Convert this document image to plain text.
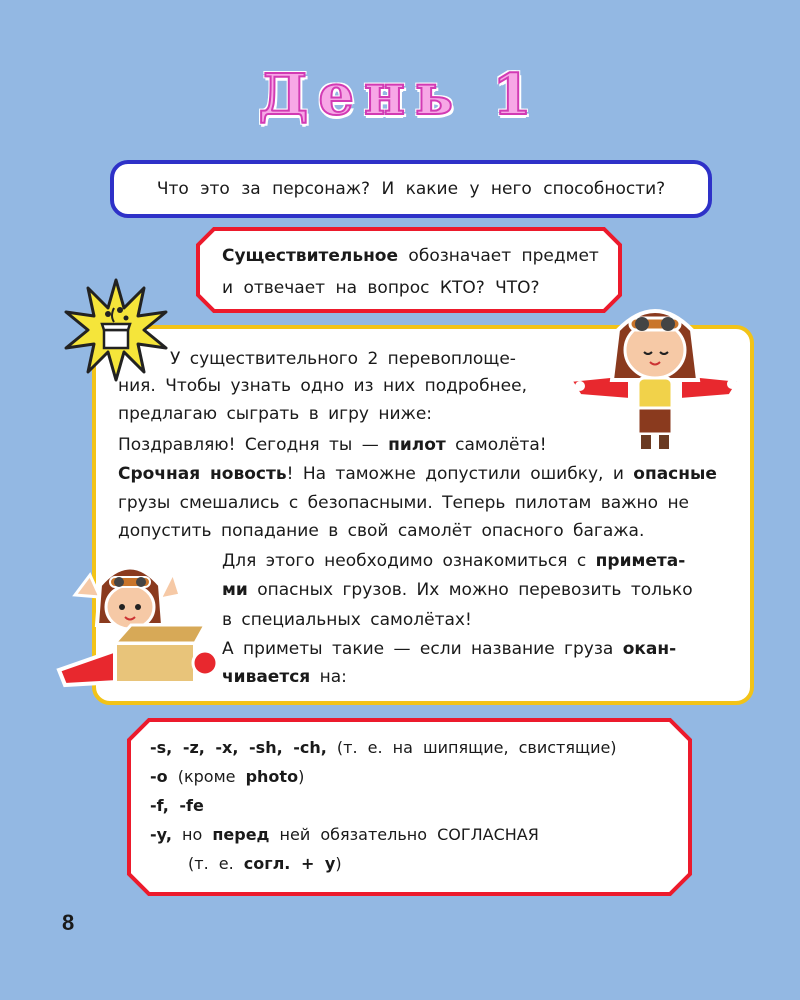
День 1
Что это за персонаж? И какие у него способности?
Существительное обозначает предмет
и отвечает на вопрос КТО? ЧТО?
У существительного 2 перевоплоще-
ния. Чтобы узнать одно из них подробнее,
предлагаю сыграть в игру ниже:
Поздравляю! Сегодня ты — пилот самолёта!
Срочная новость! На таможне допустили ошибку, и опасные
грузы смешались с безопасными. Теперь пилотам важно не
допустить попадание в свой самолёт опасного багажа.
Для этого необходимо ознакомиться с примета-
ми опасных грузов. Их можно перевозить только
в специальных самолётах!
А приметы такие — если название груза окан-
чивается на:
-s, -z, -x, -sh, -ch, (т. е. на шипящие, свистящие)
-o (кроме photo)
-f, -fe
-y, но перед ней обязательно СОГЛАСНАЯ
(т. е. согл. + y)
8
